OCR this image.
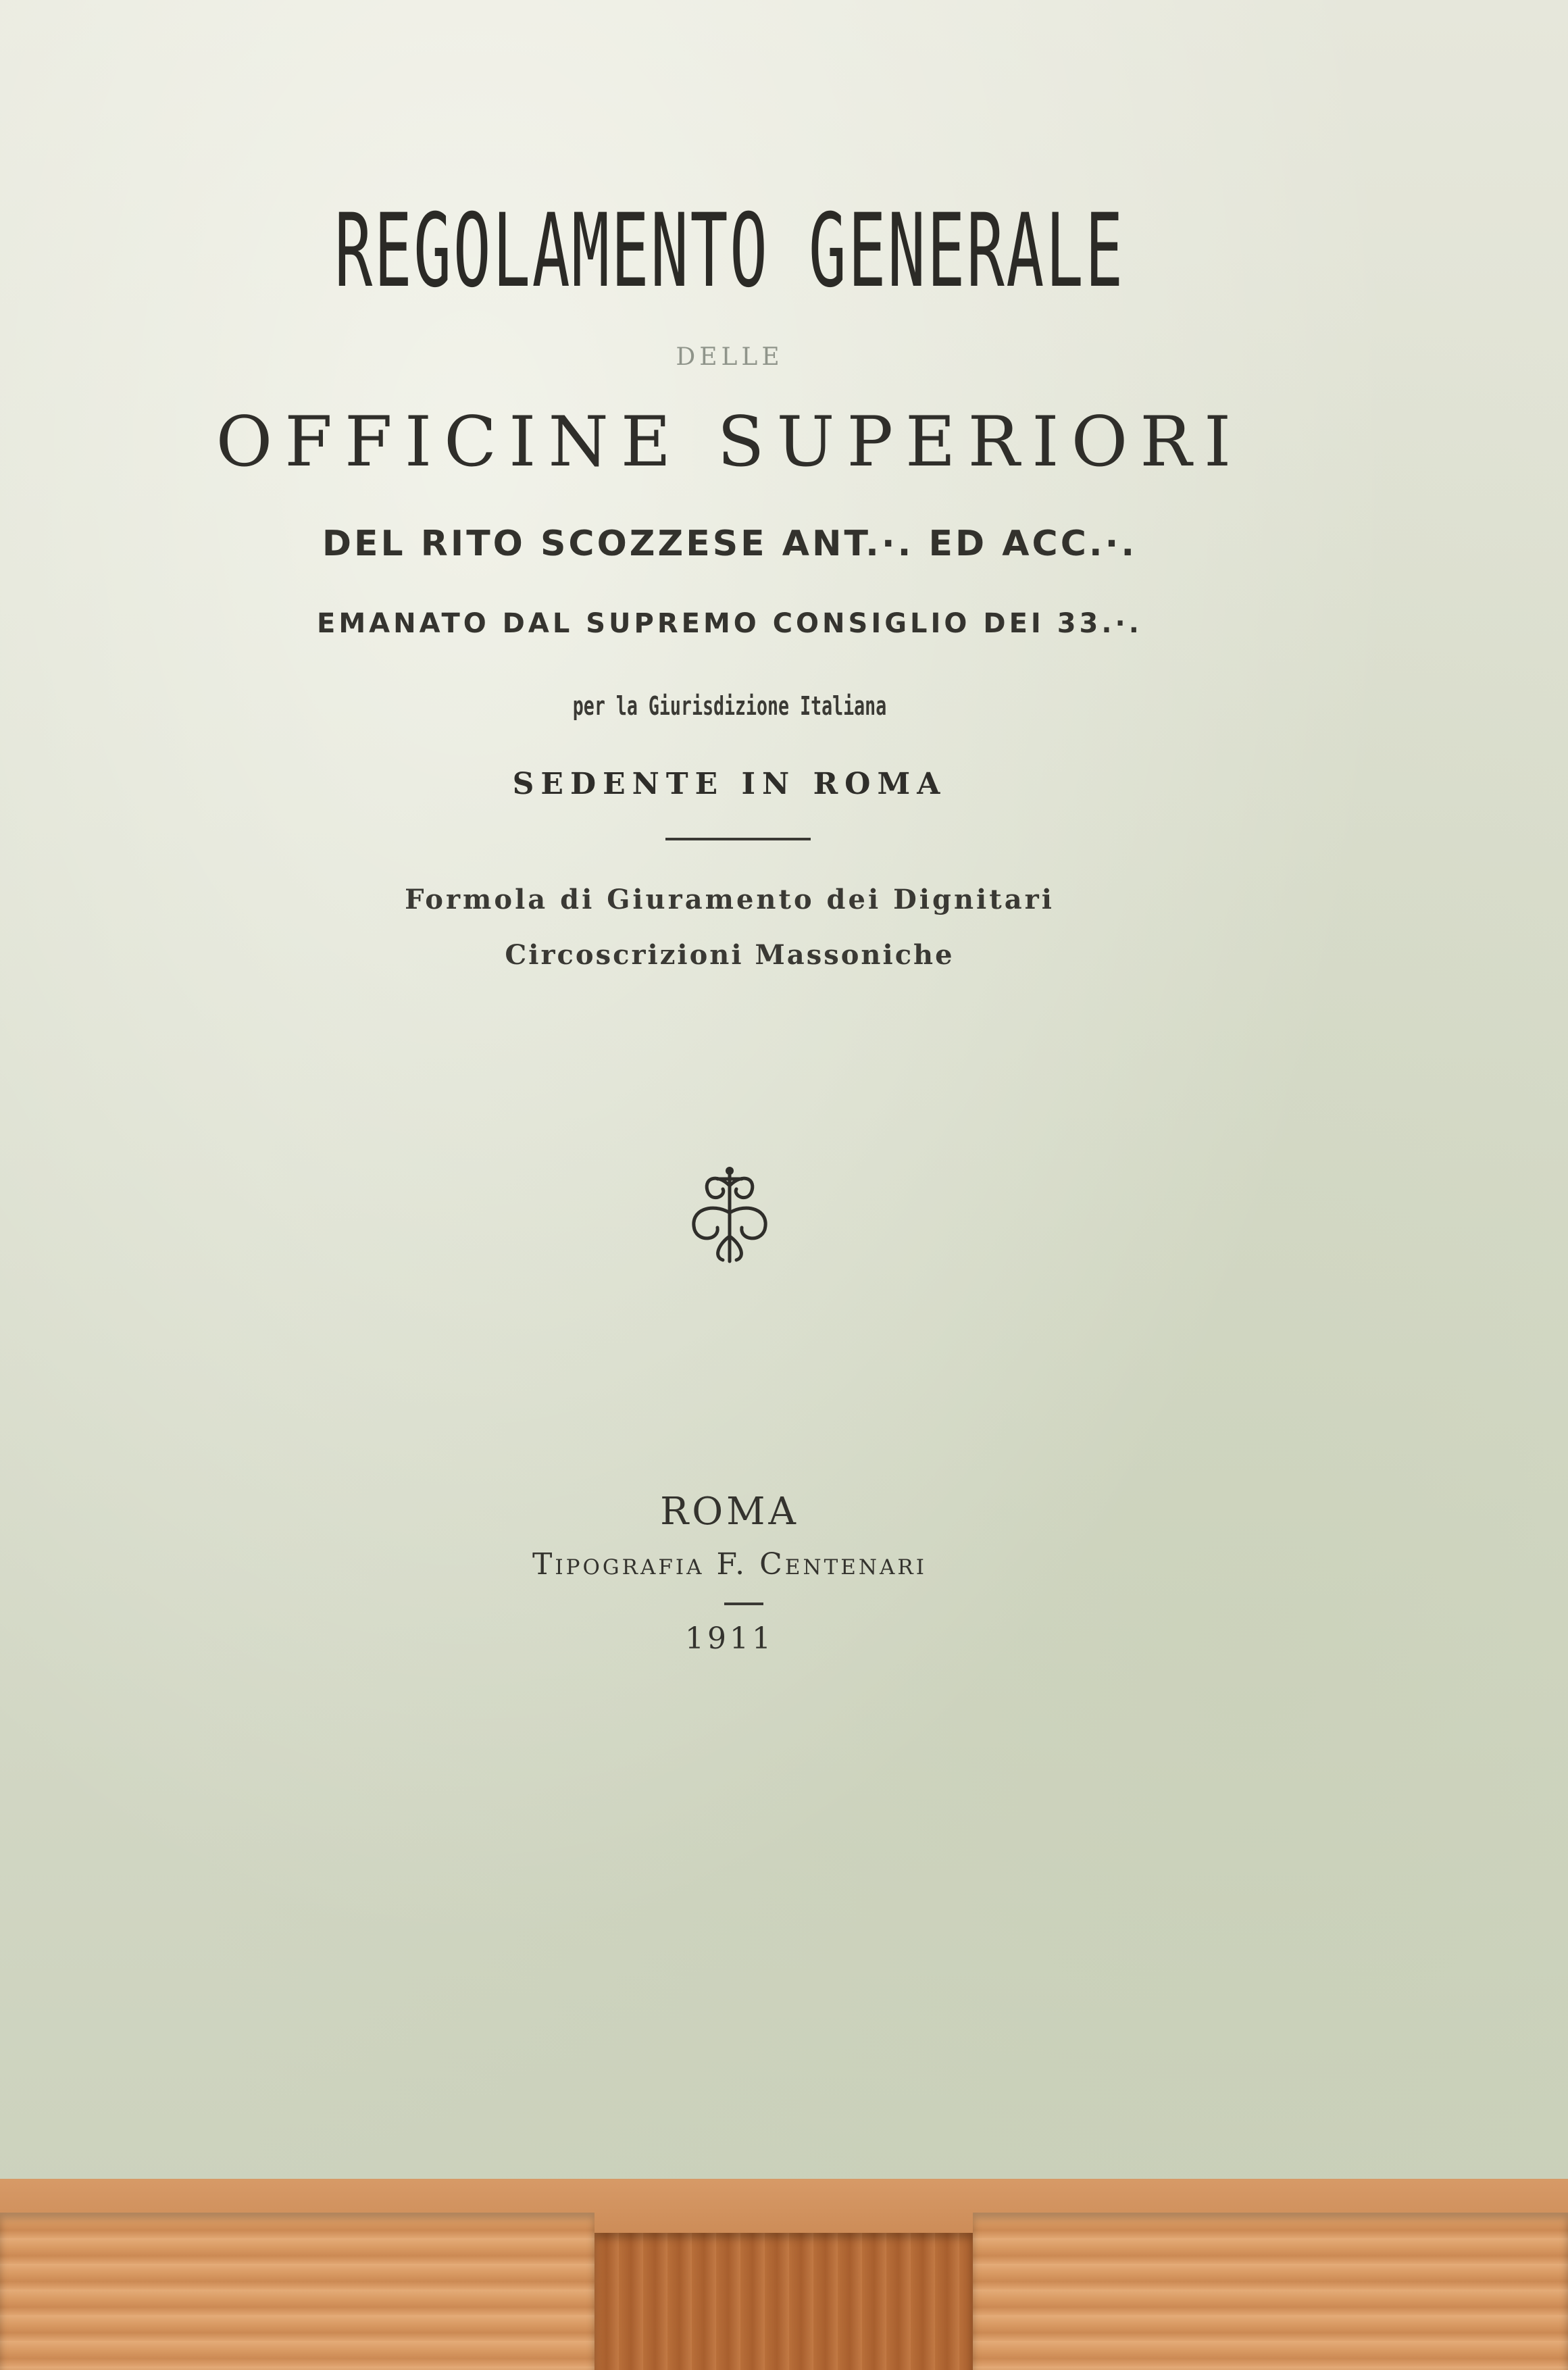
REGOLAMENTO GENERALE
DELLE
OFFICINE SUPERIORI
DEL RITO SCOZZESE ANT.·. ED ACC.·.
EMANATO DAL SUPREMO CONSIGLIO DEI 33.·.
per la Giurisdizione Italiana
SEDENTE IN ROMA
Formola di Giuramento dei Dignitari
Circoscrizioni Massoniche
ROMA
Tipografia F. Centenari
1911
